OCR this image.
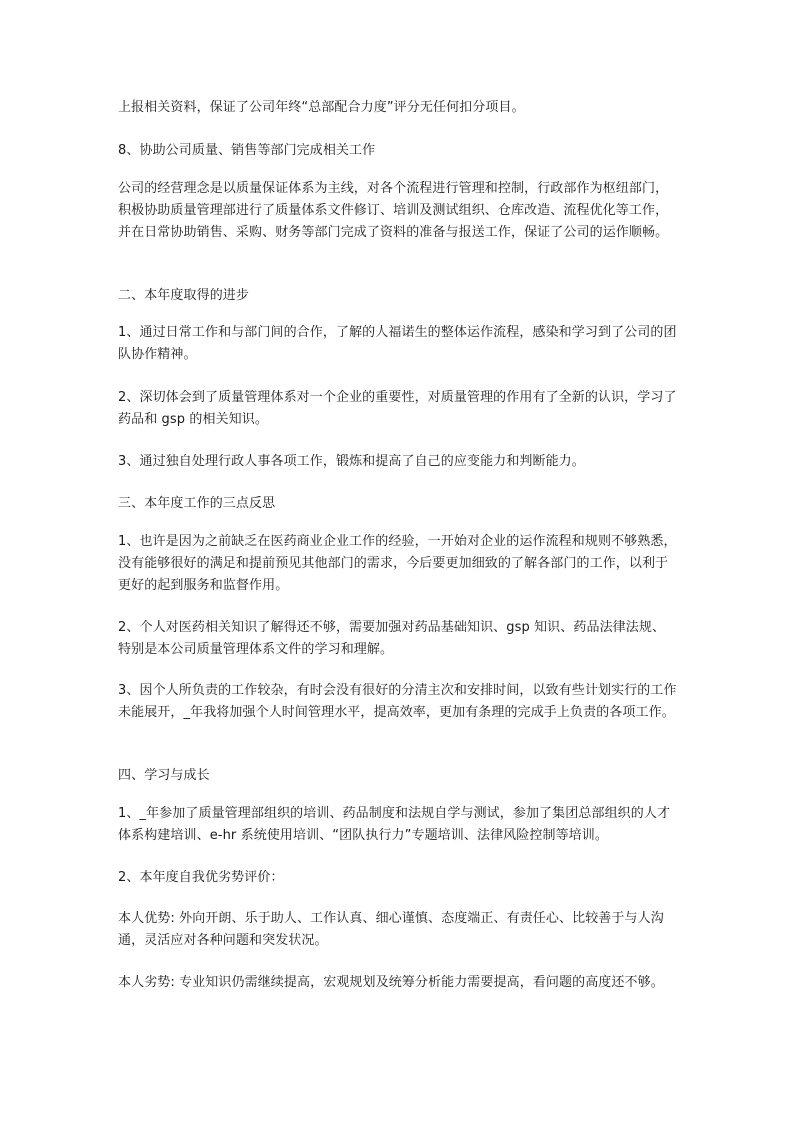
上报相关资料，保证了公司年终“总部配合力度”评分无任何扣分项目。

8、协助公司质量、销售等部门完成相关工作

公司的经营理念是以质量保证体系为主线，对各个流程进行管理和控制，行政部作为枢纽部门，积极协助质量管理部进行了质量体系文件修订、培训及测试组织、仓库改造、流程优化等工作，并在日常协助销售、采购、财务等部门完成了资料的准备与报送工作，保证了公司的运作顺畅。

二、本年度取得的进步

1、通过日常工作和与部门间的合作，了解的人福诺生的整体运作流程，感染和学习到了公司的团队协作精神。

2、深切体会到了质量管理体系对一个企业的重要性，对质量管理的作用有了全新的认识，学习了药品和 gsp 的相关知识。

3、通过独自处理行政人事各项工作，锻炼和提高了自己的应变能力和判断能力。

三、本年度工作的三点反思

1、也许是因为之前缺乏在医药商业企业工作的经验，一开始对企业的运作流程和规则不够熟悉，没有能够很好的满足和提前预见其他部门的需求，今后要更加细致的了解各部门的工作，以利于更好的起到服务和监督作用。

2、个人对医药相关知识了解得还不够，需要加强对药品基础知识、gsp 知识、药品法律法规、特别是本公司质量管理体系文件的学习和理解。

3、因个人所负责的工作较杂，有时会没有很好的分清主次和安排时间，以致有些计划实行的工作未能展开，_年我将加强个人时间管理水平，提高效率，更加有条理的完成手上负责的各项工作。

四、学习与成长

1、_年参加了质量管理部组织的培训、药品制度和法规自学与测试，参加了集团总部组织的人才体系构建培训、e-hr 系统使用培训、“团队执行力”专题培训、法律风险控制等培训。

2、本年度自我优劣势评价：

本人优势: 外向开朗、乐于助人、工作认真、细心谨慎、态度端正、有责任心、比较善于与人沟通，灵活应对各种问题和突发状况。

本人劣势: 专业知识仍需继续提高，宏观规划及统筹分析能力需要提高，看问题的高度还不够。
